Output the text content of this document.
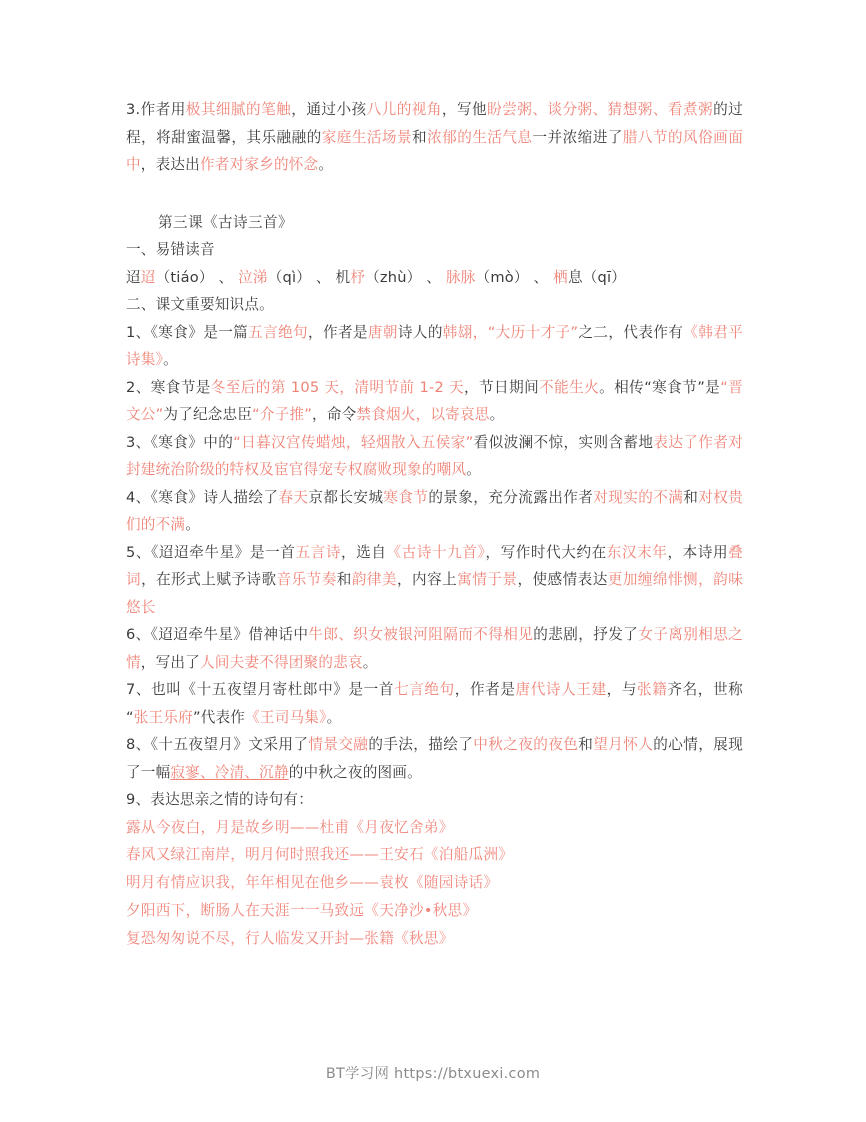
3.作者用极其细腻的笔触，通过小孩八儿的视角，写他盼尝粥、谈分粥、猜想粥、看煮粥的过程，将甜蜜温馨，其乐融融的家庭生活场景和浓郁的生活气息一并浓缩进了腊八节的风俗画面中，表达出作者对家乡的怀念。

第三课《古诗三首》

一、易错读音

迢迢（tiáo） 、 泣涕（qì） 、 机杼（zhù） 、 脉脉（mò） 、 栖息（qī）

二、课文重要知识点。

1、《寒食》是一篇五言绝句，作者是唐朝诗人的韩翃，“大历十才子”之二，代表作有《韩君平诗集》。

2、寒食节是冬至后的第 105 天，清明节前 1-2 天，节日期间不能生火。相传“寒食节”是“晋文公”为了纪念忠臣“介子推”，命令禁食烟火，以寄哀思。

3、《寒食》中的“日暮汉宫传蜡烛，轻烟散入五侯家”看似波澜不惊，实则含蓄地表达了作者对封建统治阶级的特权及宦官得宠专权腐败现象的嘲风。

4、《寒食》诗人描绘了春天京都长安城寒食节的景象，充分流露出作者对现实的不满和对权贵们的不满。

5、《迢迢牵牛星》是一首五言诗，选自《古诗十九首》，写作时代大约在东汉末年，本诗用叠词，在形式上赋予诗歌音乐节奏和韵律美，内容上寓情于景，使感情表达更加缠绵悱恻，韵味悠长

6、《迢迢牵牛星》借神话中牛郎、织女被银河阻隔而不得相见的悲剧，抒发了女子离别相思之情，写出了人间夫妻不得团聚的悲哀。

7、也叫《十五夜望月寄杜郎中》是一首七言绝句，作者是唐代诗人王建，与张籍齐名，世称“张王乐府”代表作《王司马集》。

8、《十五夜望月》文采用了情景交融的手法，描绘了中秋之夜的夜色和望月怀人的心情，展现了一幅寂寥、冷清、沉静的中秋之夜的图画。

9、表达思亲之情的诗句有：

露从今夜白，月是故乡明——杜甫《月夜忆舍弟》

春风又绿江南岸，明月何时照我还——王安石《泊船瓜洲》

明月有情应识我，年年相见在他乡——袁枚《随园诗话》

夕阳西下，断肠人在天涯一一马致远《天净沙•秋思》

复恐匆匆说不尽，行人临发又开封—张籍《秋思》

BT学习网 https://btxuexi.com
